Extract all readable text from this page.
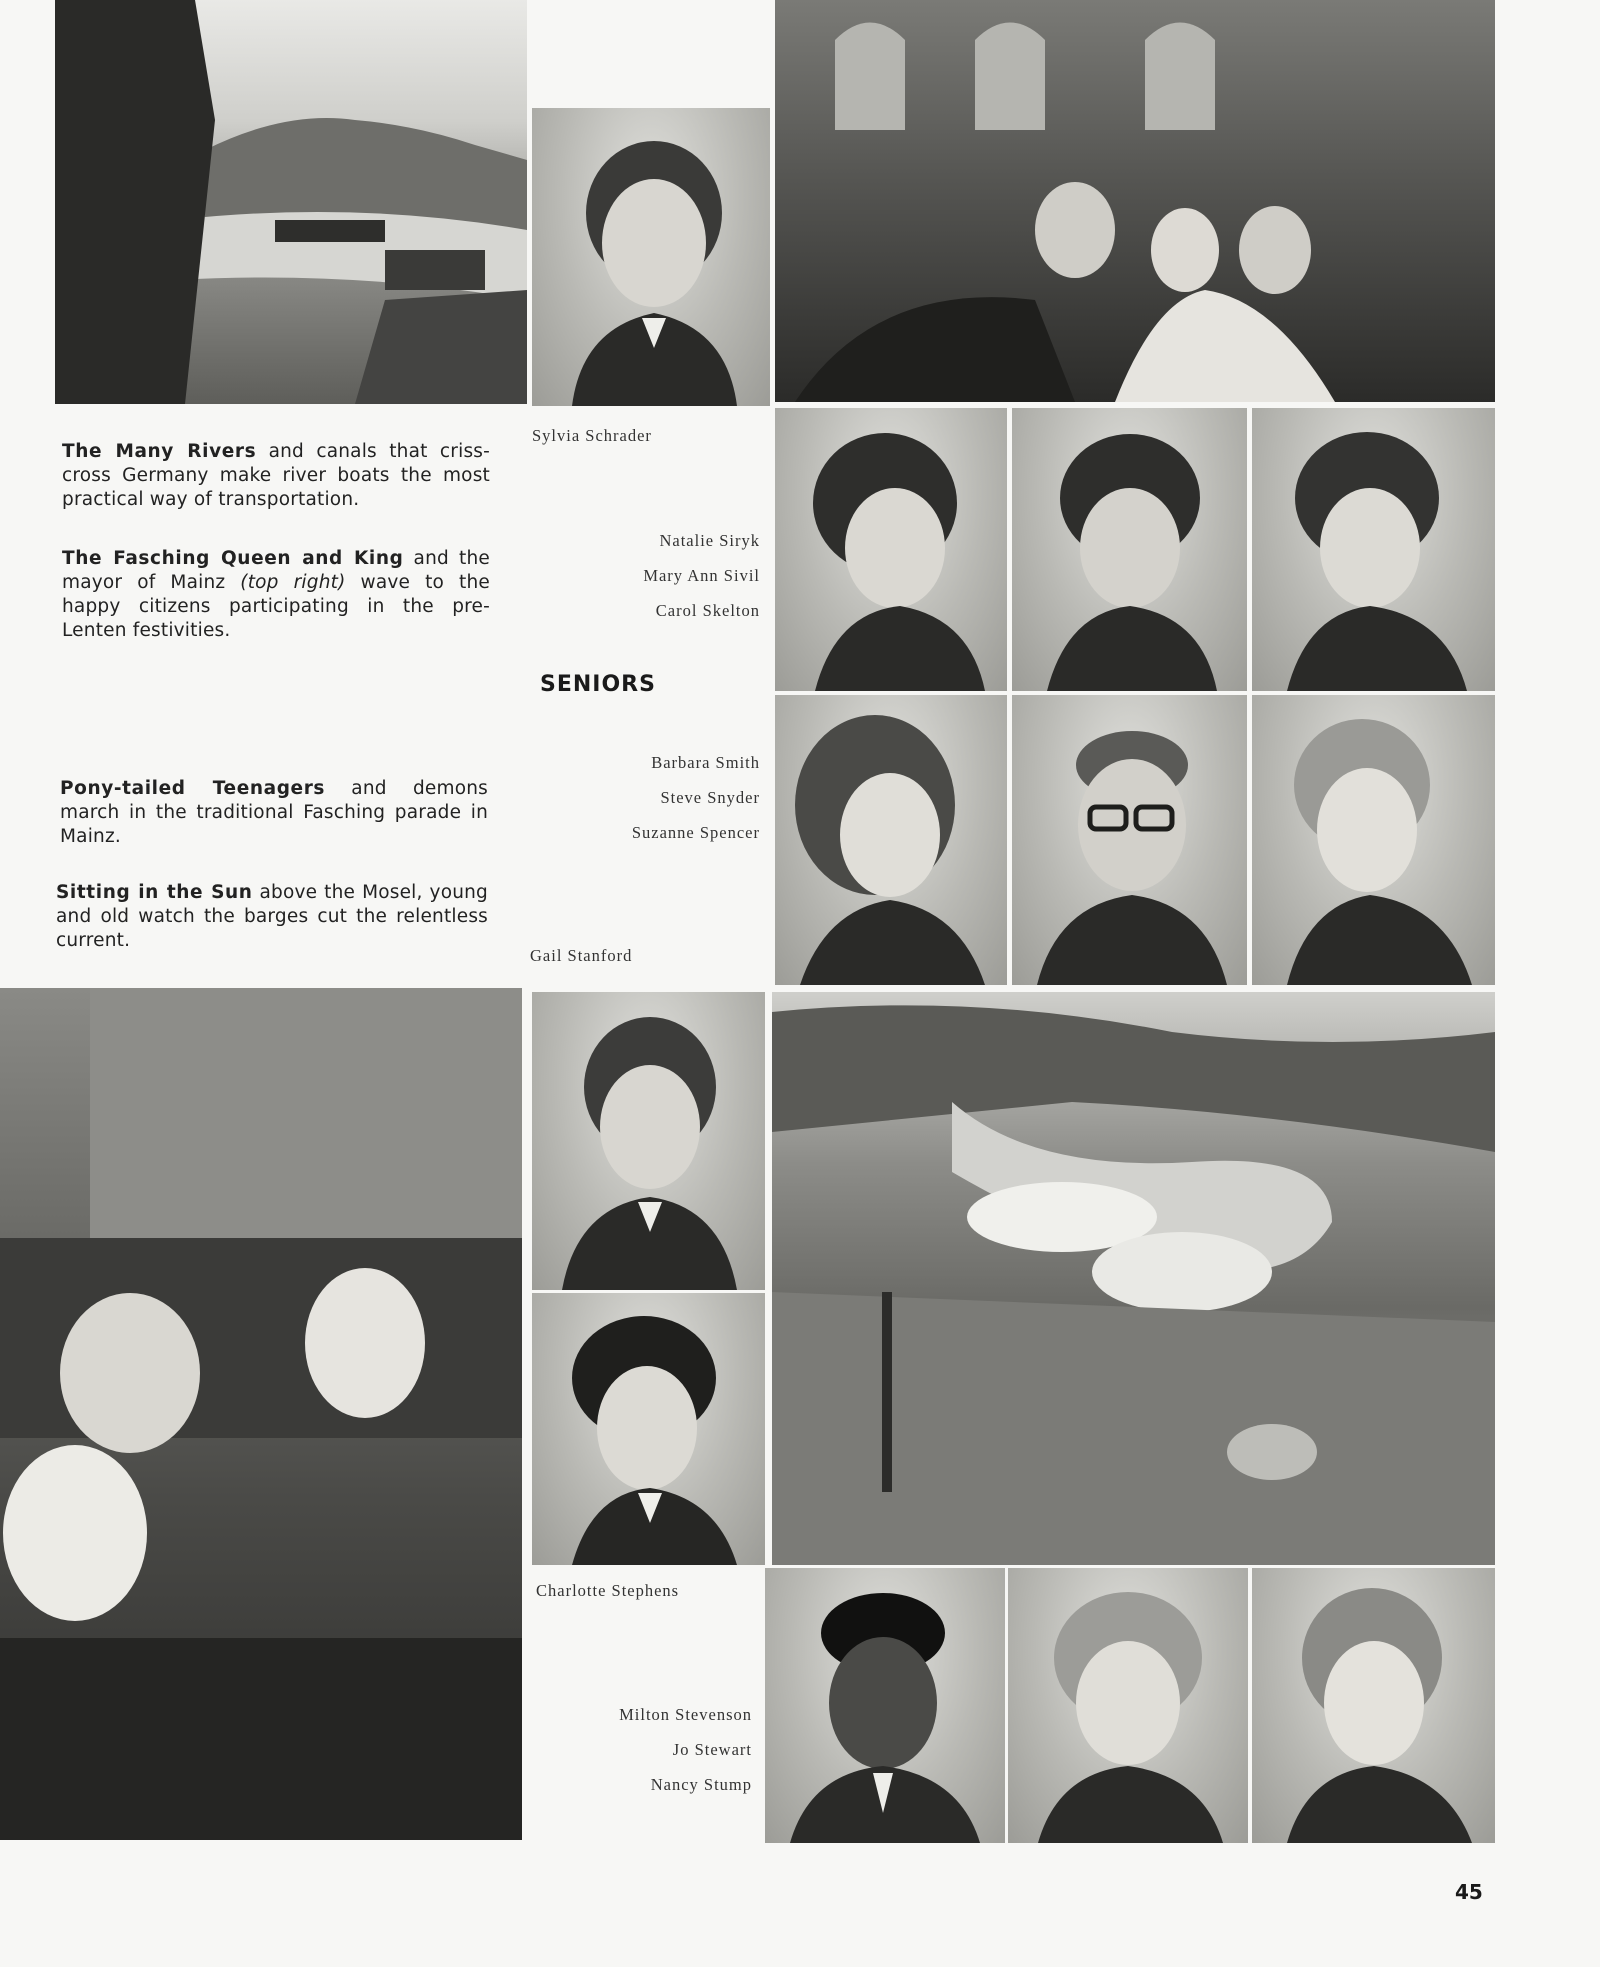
The Many Rivers and canals that criss-cross Germany make river boats the most practical way of transportation.
The Fasching Queen and King and the mayor of Mainz (top right) wave to the happy citizens participating in the pre-Lenten festivities.
Pony-tailed Teenagers and demons march in the traditional Fasching parade in Mainz.
Sitting in the Sun above the Mosel, young and old watch the barges cut the relentless current.
Sylvia Schrader
Natalie Siryk
Mary Ann Sivil
Carol Skelton
SENIORS
Barbara Smith
Steve Snyder
Suzanne Spencer
Gail Stanford
Charlotte Stephens
Milton Stevenson
Jo Stewart
Nancy Stump
45
